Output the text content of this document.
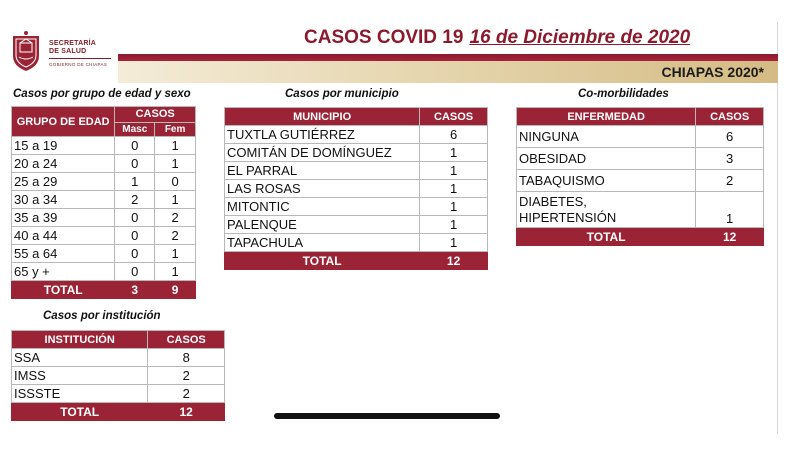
SECRETARÍA
DE SALUD
GOBIERNO DE CHIAPAS
CASOS COVID 19 16 de Diciembre de 2020
CHIAPAS 2020*
Casos por grupo de edad y sexo
GRUPO DE EDAD	CASOS	
	Masc	Fem
15 a 19	0	1
20 a 24	0	1
25 a 29	1	0
30 a 34	2	1
35 a 39	0	2
40 a 44	0	2
55 a 64	0	1
65 y +	0	1
TOTAL	3	9
Casos por institución
INSTITUCIÓN	CASOS
SSA	8
IMSS	2
ISSSTE	2
TOTAL	12
Casos por municipio
MUNICIPIO	CASOS
TUXTLA GUTIÉRREZ	6
COMITÁN DE DOMÍNGUEZ	1
EL PARRAL	1
LAS ROSAS	1
MITONTIC	1
PALENQUE	1
TAPACHULA	1
TOTAL	12
Co-morbilidades
ENFERMEDAD	CASOS
NINGUNA	6
OBESIDAD	3
TABAQUISMO	2

DIABETES,
HIPERTENSIÓN	1
TOTAL	12
